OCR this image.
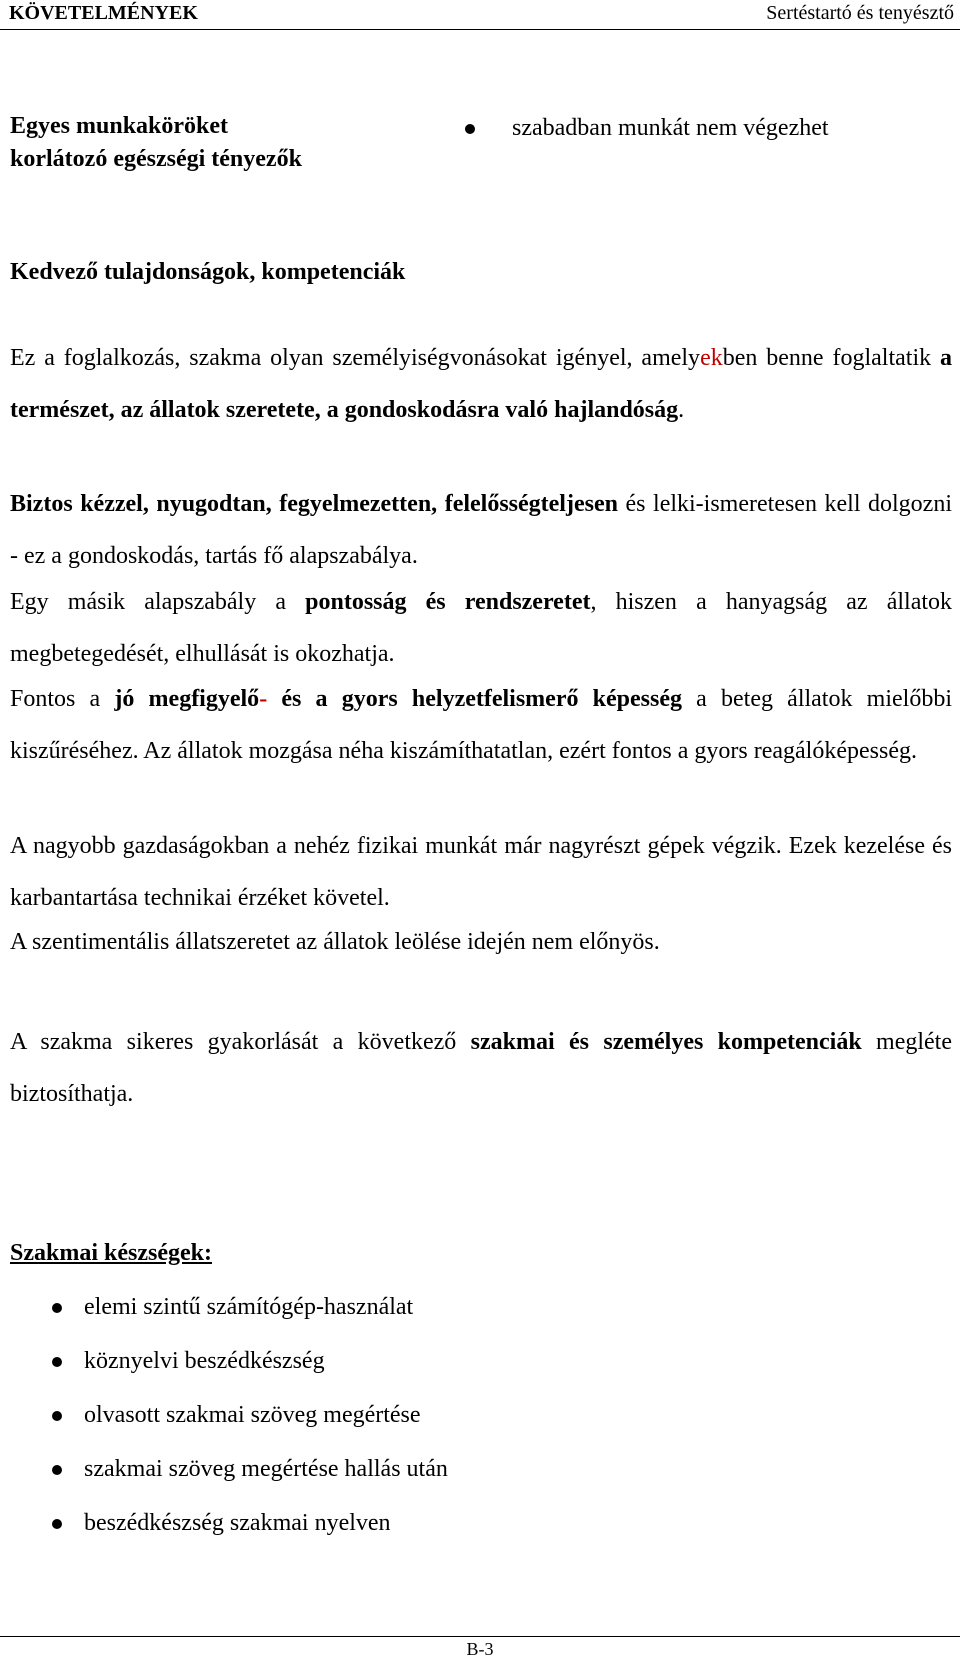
KÖVETELMÉNYEK	Sertéstartó és tenyésztő
Egyes munkaköröket
korlátozó egészségi tényezők
szabadban munkát nem végezhet
Kedvező tulajdonságok, kompetenciák

Ez a foglalkozás, szakma olyan személyiségvonásokat igényel, amelyekben benne foglaltatik a természet, az állatok szeretete, a gondoskodásra való hajlandóság.

Biztos kézzel, nyugodtan, fegyelmezetten, felelősségteljesen és lelki-ismeretesen kell dolgozni - ez a gondoskodás, tartás fő alapszabálya.

Egy másik alapszabály a pontosság és rendszeretet, hiszen a hanyagság az állatok megbetegedését, elhullását is okozhatja.

Fontos a jó megfigyelő- és a gyors helyzetfelismerő képesség a beteg állatok mielőbbi kiszűréséhez. Az állatok mozgása néha kiszámíthatatlan, ezért fontos a gyors reagálóképesség.

A nagyobb gazdaságokban a nehéz fizikai munkát már nagyrészt gépek végzik. Ezek kezelése és karbantartása technikai érzéket követel.

A szentimentális állatszeretet az állatok leölése idején nem előnyös.

A szakma sikeres gyakorlását a következő szakmai és személyes kompetenciák megléte biztosíthatja.

Szakmai készségek:
elemi szintű számítógép-használat
köznyelvi beszédkészség
olvasott szakmai szöveg megértése
szakmai szöveg megértése hallás után
beszédkészség szakmai nyelven
B-3
